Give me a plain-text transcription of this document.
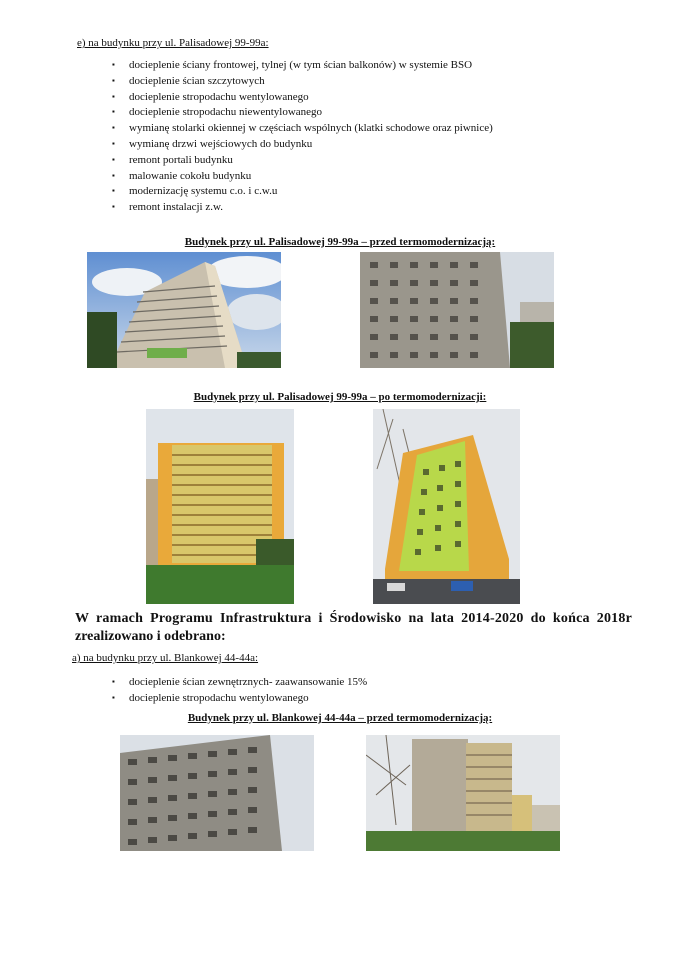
e) na budynku przy ul. Palisadowej 99-99a:
▪ docieplenie ściany frontowej, tylnej (w tym ścian balkonów) w systemie BSO
▪ docieplenie ścian szczytowych
▪ docieplenie stropodachu wentylowanego
▪ docieplenie stropodachu niewentylowanego
▪ wymianę stolarki okiennej w częściach wspólnych (klatki schodowe oraz piwnice)
▪ wymianę drzwi wejściowych do budynku
▪ remont portali budynku
▪ malowanie cokołu budynku
▪ modernizację systemu c.o. i c.w.u
▪ remont instalacji z.w.
Budynek przy ul. Palisadowej 99-99a – przed termomodernizacją:
Budynek przy ul. Palisadowej 99-99a – po termomodernizacji:
W ramach Programu Infrastruktura i Środowisko na lata 2014-2020 do końca 2018r
zrealizowano i odebrano:
a) na budynku przy ul. Blankowej 44-44a:
▪ docieplenie ścian zewnętrznych- zaawansowanie 15%
▪ docieplenie stropodachu wentylowanego
Budynek przy ul. Blankowej 44-44a – przed termomodernizacją:
